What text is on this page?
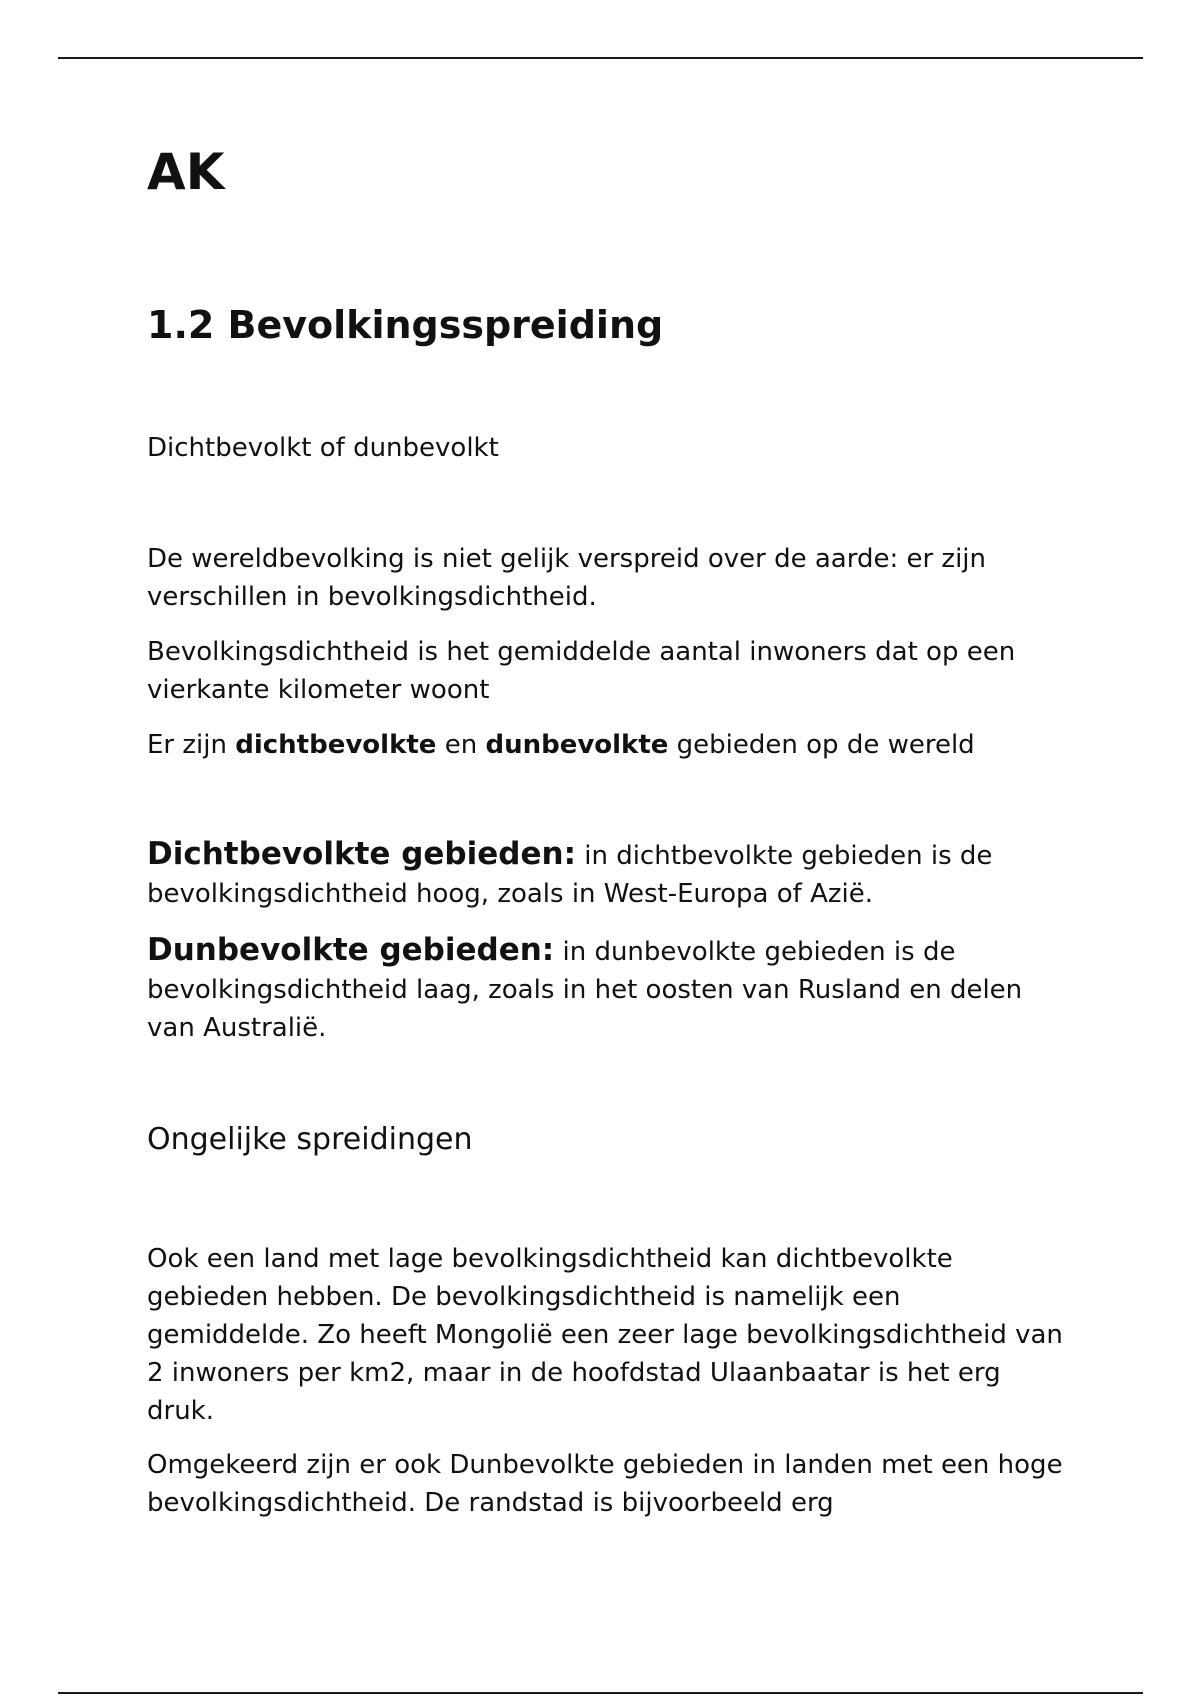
AK
1.2 Bevolkingsspreiding
Dichtbevolkt of dunbevolkt

De wereldbevolking is niet gelijk verspreid over de aarde: er zijn verschillen in bevolkingsdichtheid.

Bevolkingsdichtheid is het gemiddelde aantal inwoners dat op een vierkante kilometer woont

Er zijn dichtbevolkte en dunbevolkte gebieden op de wereld

Dichtbevolkte gebieden: in dichtbevolkte gebieden is de bevolkingsdichtheid hoog, zoals in West-Europa of Azië.

Dunbevolkte gebieden: in dunbevolkte gebieden is de bevolkingsdichtheid laag, zoals in het oosten van Rusland en delen van Australië.

Ongelijke spreidingen

Ook een land met lage bevolkingsdichtheid kan dichtbevolkte gebieden hebben. De bevolkingsdichtheid is namelijk een gemiddelde. Zo heeft Mongolië een zeer lage bevolkingsdichtheid van 2 inwoners per km2, maar in de hoofdstad Ulaanbaatar is het erg druk.

Omgekeerd zijn er ook Dunbevolkte gebieden in landen met een hoge bevolkingsdichtheid. De randstad is bijvoorbeeld erg
